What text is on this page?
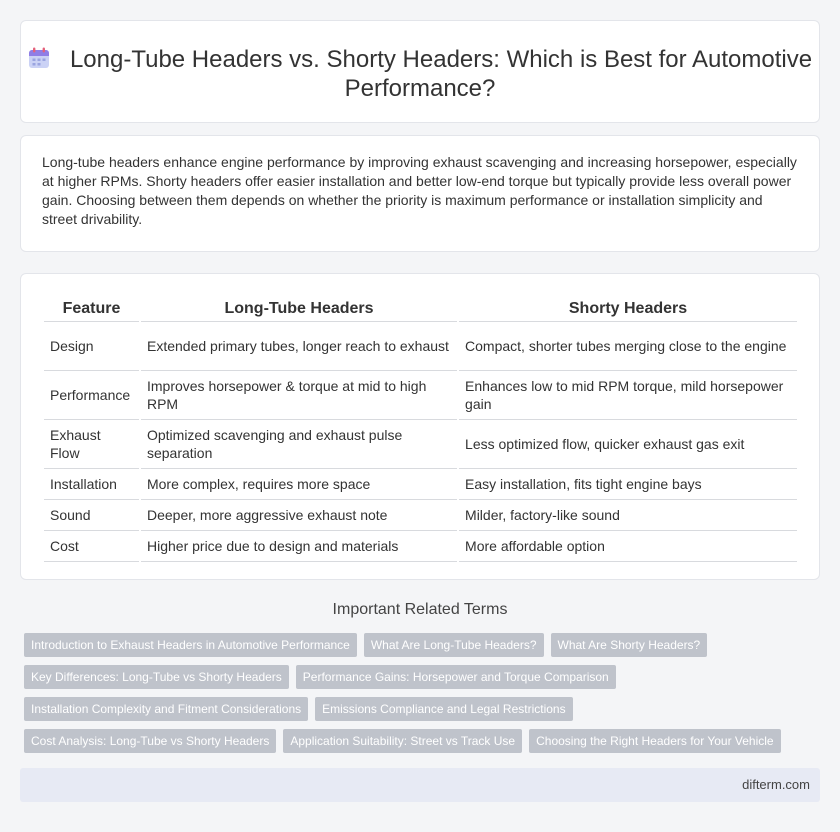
Long-Tube Headers vs. Shorty Headers: Which is Best for Automotive Performance?

Long-tube headers enhance engine performance by improving exhaust scavenging and increasing horsepower, especially at higher RPMs. Shorty headers offer easier installation and better low-end torque but typically provide less overall power gain. Choosing between them depends on whether the priority is maximum performance or installation simplicity and street drivability.

Feature	Long-Tube Headers	Shorty Headers
Design	Extended primary tubes, longer reach to exhaust	Compact, shorter tubes merging close to the engine
Performance	Improves horsepower & torque at mid to high RPM	Enhances low to mid RPM torque, mild horsepower gain
Exhaust Flow	Optimized scavenging and exhaust pulse separation	Less optimized flow, quicker exhaust gas exit
Installation	More complex, requires more space	Easy installation, fits tight engine bays
Sound	Deeper, more aggressive exhaust note	Milder, factory-like sound
Cost	Higher price due to design and materials	More affordable option
Important Related Terms
Introduction to Exhaust Headers in Automotive Performance	What Are Long-Tube Headers?	What Are Shorty Headers?
Key Differences: Long-Tube vs Shorty Headers	Performance Gains: Horsepower and Torque Comparison
Installation Complexity and Fitment Considerations	Emissions Compliance and Legal Restrictions
Cost Analysis: Long-Tube vs Shorty Headers	Application Suitability: Street vs Track Use	Choosing the Right Headers for Your Vehicle
difterm.com
